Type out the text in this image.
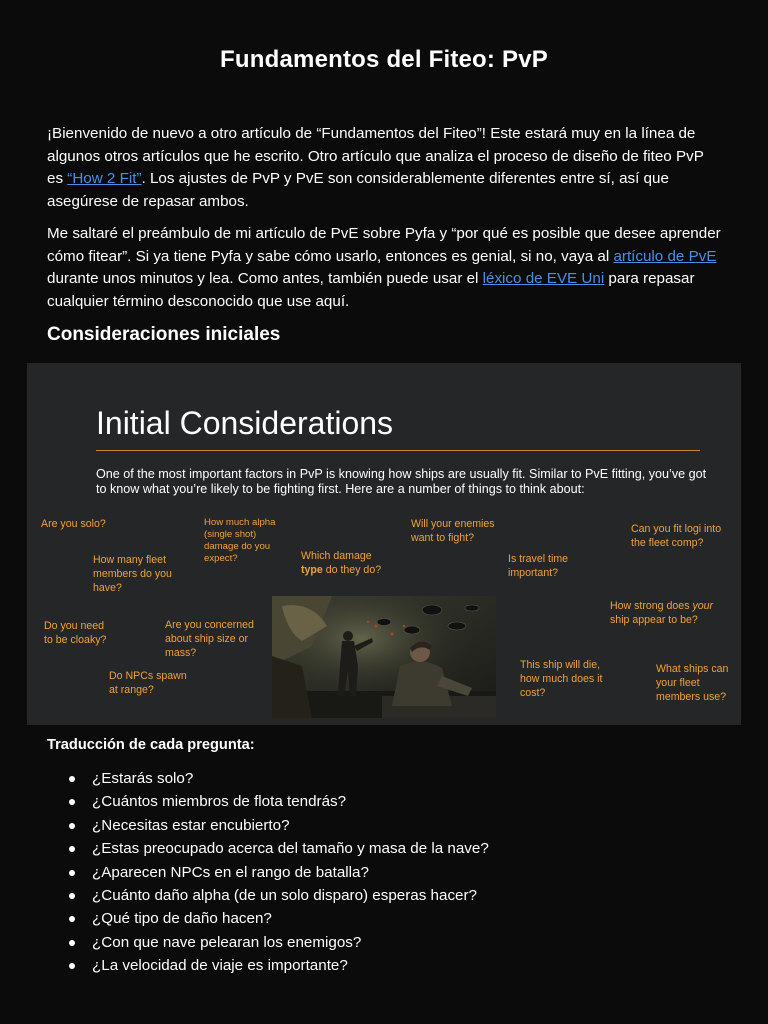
Fundamentos del Fiteo: PvP

¡Bienvenido de nuevo a otro artículo de “Fundamentos del Fiteo”! Este estará muy en la línea de algunos otros artículos que he escrito. Otro artículo que analiza el proceso de diseño de fiteo PvP es “How 2 Fit”. Los ajustes de PvP y PvE son considerablemente diferentes entre sí, así que asegúrese de repasar ambos.

Me saltaré el preámbulo de mi artículo de PvE sobre Pyfa y “por qué es posible que desee aprender cómo fitear”. Si ya tiene Pyfa y sabe cómo usarlo, entonces es genial, si no, vaya al artículo de PvE durante unos minutos y lea. Como antes, también puede usar el léxico de EVE Uni para repasar cualquier término desconocido que use aquí.

Consideraciones iniciales
Initial Considerations
One of the most important factors in PvP is knowing how ships are usually fit. Similar to PvE fitting, you’ve got to know what you’re likely to be fighting first. Here are a number of things to think about:
Are you solo?
How many fleet
members do you
have?
Do you need
to be cloaky?
Are you concerned
about ship size or
mass?
Do NPCs spawn
at range?
How much alpha
(single shot)
damage do you
expect?	Which damage
type do they do?
Will your enemies
want to fight?
Is travel time
important?
Can you fit logi into
the fleet comp?
How strong does your
ship appear to be?
This ship will die,
how much does it
cost?
What ships can
your fleet
members use?
Traducción de cada pregunta:
¿Estarás solo?
¿Cuántos miembros de flota tendrás?
¿Necesitas estar encubierto?
¿Estas preocupado acerca del tamaño y masa de la nave?
¿Aparecen NPCs en el rango de batalla?
¿Cuánto daño alpha (de un solo disparo) esperas hacer?
¿Qué tipo de daño hacen?
¿Con que nave pelearan los enemigos?
¿La velocidad de viaje es importante?
